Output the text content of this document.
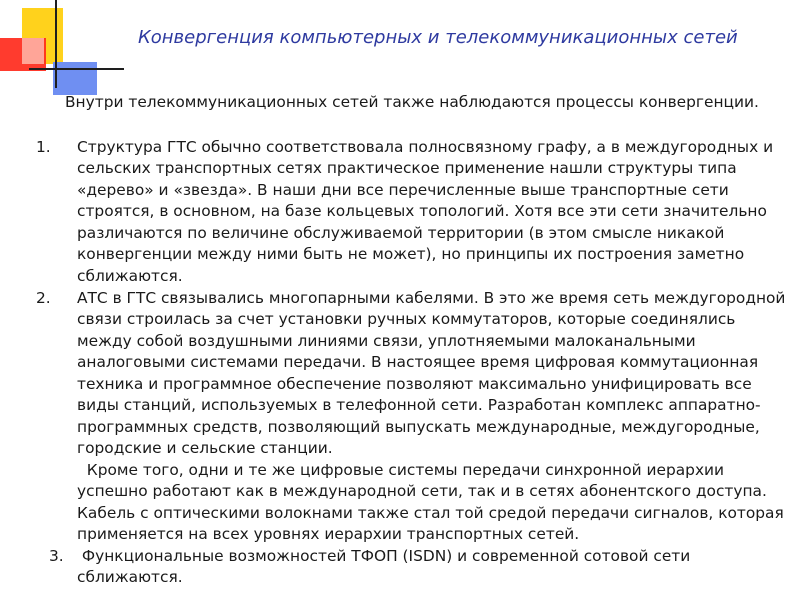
Конвергенция компьютерных и телекоммуникационных сетей
Внутри телекоммуникационных сетей также наблюдаются процессы конвергенции.
1. Структура ГТС обычно соответствовала полносвязному графу, а в междугородных и
сельских транспортных сетях практическое применение нашли структуры типа
«дерево» и «звезда». В наши дни все перечисленные выше транспортные сети
строятся, в основном, на базе кольцевых топологий. Хотя все эти сети значительно
различаются по величине обслуживаемой территории (в этом смысле никакой
конвергенции между ними быть не может), но принципы их построения заметно
сближаются.
2. АТС в ГТС связывались многопарными кабелями. В это же время сеть междугородной
связи строилась за счет установки ручных коммутаторов, которые соединялись
между собой воздушными линиями связи, уплотняемыми малоканальными
аналоговыми системами передачи. В настоящее время цифровая коммутационная
техника и программное обеспечение позволяют максимально унифицировать все
виды станций, используемых в телефонной сети. Разработан комплекс аппаратно-
программных средств, позволяющий выпускать международные, междугородные,
городские и сельские станции.
Кроме того, одни и те же цифровые системы передачи синхронной иерархии
успешно работают как в международной сети, так и в сетях абонентского доступа.
Кабель с оптическими волокнами также стал той средой передачи сигналов, которая
применяется на всех уровнях иерархии транспортных сетей.
3. Функциональные возможностей ТФОП (ISDN) и современной сотовой сети
сближаются.
